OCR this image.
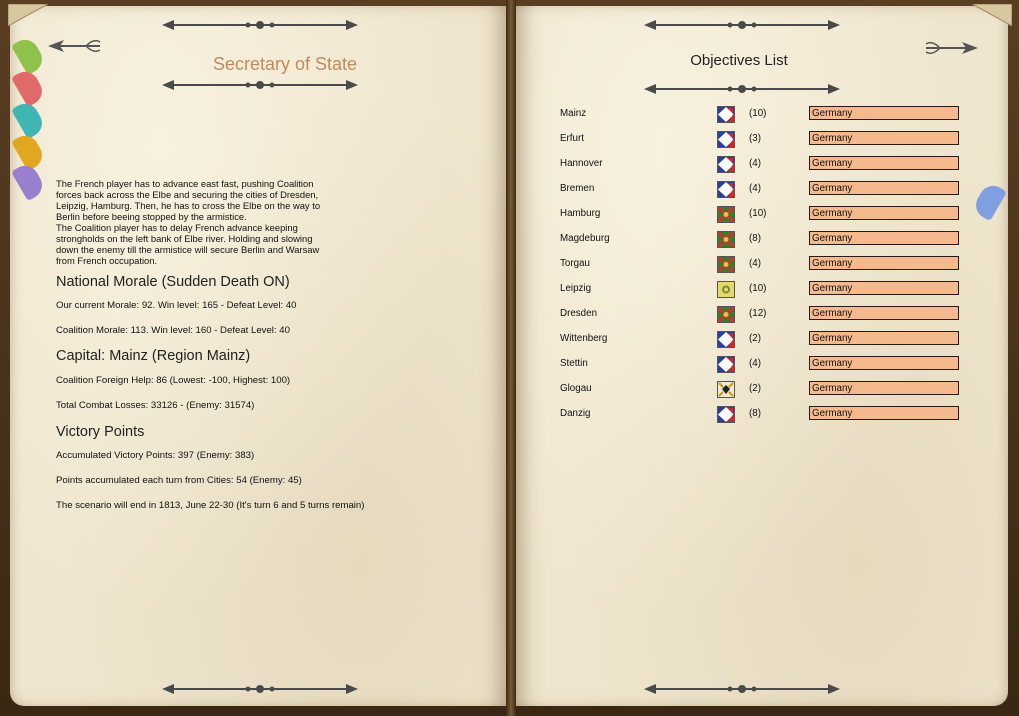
Secretary of State
The French player has to advance east fast, pushing Coalition
forces back across the Elbe and securing the cities of Dresden,
Leipzig, Hamburg. Then, he has to cross the Elbe on the way to
Berlin before beeing stopped by the armistice.
The Coalition player has to delay French advance keeping
strongholds on the left bank of Elbe river. Holding and slowing
down the enemy till the armistice will secure Berlin and Warsaw
from French occupation.
National Morale (Sudden Death ON)
Our current Morale: 92. Win level: 165 - Defeat Level: 40
Coalition Morale: 113. Win level: 160 - Defeat Level: 40
Capital: Mainz (Region Mainz)
Coalition Foreign Help: 86 (Lowest: -100, Highest: 100)
Total Combat Losses: 33126 - (Enemy: 31574)
Victory Points
Accumulated Victory Points: 397 (Enemy: 383)
Points accumulated each turn from Cities: 54 (Enemy: 45)
The scenario will end in 1813, June 22-30 (It's turn 6 and 5 turns remain)
Objectives List
Mainz	(10)	Germany
Erfurt	(3)	Germany
Hannover	(4)	Germany
Bremen	(4)	Germany
Hamburg	(10)	Germany
Magdeburg	(8)	Germany
Torgau	(4)	Germany
Leipzig	(10)	Germany
Dresden	(12)	Germany
Wittenberg	(2)	Germany
Stettin	(4)	Germany
Glogau	(2)	Germany
Danzig	(8)	Germany
